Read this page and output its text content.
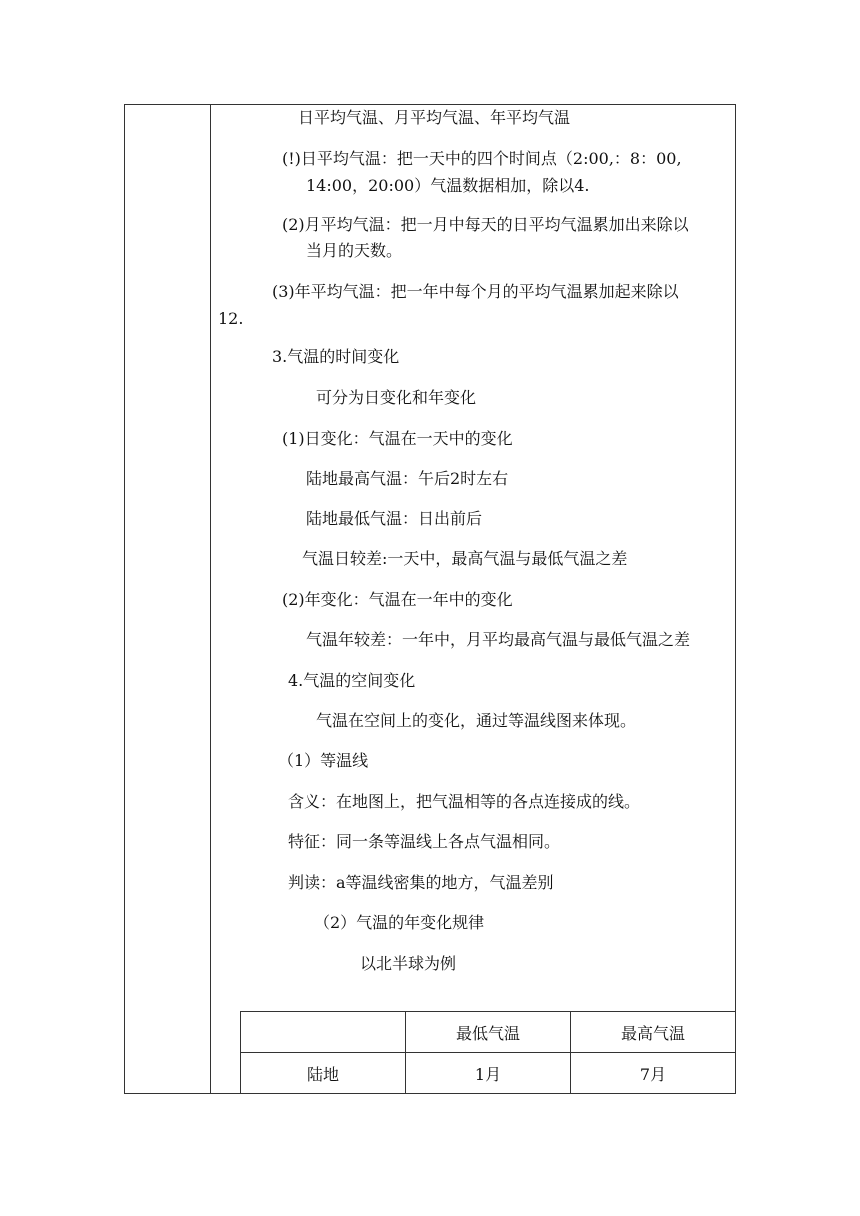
日平均气温、月平均气温、年平均气温
(!)日平均气温：把一天中的四个时间点（2:00,：8：00,
14:00，20:00）气温数据相加，除以4.
(2)月平均气温：把一月中每天的日平均气温累加出来除以
当月的天数。
(3)年平均气温：把一年中每个月的平均气温累加起来除以
12.
3.气温的时间变化
可分为日变化和年变化
(1)日变化：气温在一天中的变化
陆地最高气温：午后2时左右
陆地最低气温：日出前后
气温日较差:一天中，最高气温与最低气温之差
(2)年变化：气温在一年中的变化
气温年较差：一年中，月平均最高气温与最低气温之差
4.气温的空间变化
气温在空间上的变化，通过等温线图来体现。
（1）等温线
含义：在地图上，把气温相等的各点连接成的线。
特征：同一条等温线上各点气温相同。
判读：a等温线密集的地方，气温差别
（2）气温的年变化规律
以北半球为例
	最低气温	最高气温
陆地	1月	7月
